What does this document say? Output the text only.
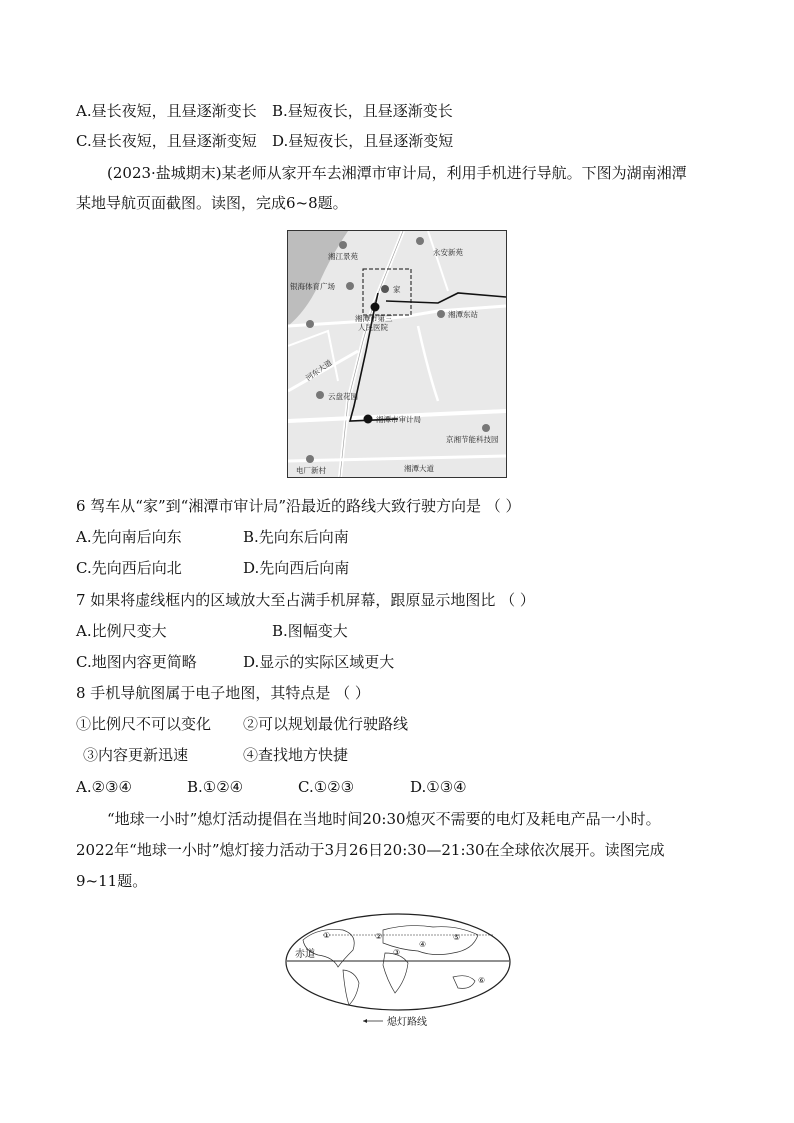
A.昼长夜短，且昼逐渐变长 B.昼短夜长，且昼逐渐变长
C.昼长夜短，且昼逐渐变短 D.昼短夜长，且昼逐渐变短
(2023·盐城期末)某老师从家开车去湘潭市审计局，利用手机进行导航。下图为湖南湘潭
某地导航页面截图。读图，完成6~8题。
湘江景苑	永安新苑
银海体育广场	家
湘潭市第三
人民医院
湘潭东站
河东大道
云盘花园
湘潭市审计局
京湘节能科技园
电厂新村	湘潭大道
6 驾车从“家”到“湘潭市审计局”沿最近的路线大致行驶方向是 （ ）
A.先向南后向东	B.先向东后向南
C.先向西后向北	D.先向西后向南
7 如果将虚线框内的区域放大至占满手机屏幕，跟原显示地图比 （ ）
A.比例尺变大	B.图幅变大
C.地图内容更简略	D.显示的实际区域更大
8 手机导航图属于电子地图，其特点是 （ ）
①比例尺不可以变化 ②可以规划最优行驶路线
③内容更新迅速	④查找地方快捷
A.②③④	B.①②④	C.①②③	D.①③④
“地球一小时”熄灯活动提倡在当地时间20:30熄灭不需要的电灯及耗电产品一小时。
2022年“地球一小时”熄灯接力活动于3月26日20:30—21:30在全球依次展开。读图完成
9~11题。
赤道
①	②
③
④
⑤
⑥
熄灯路线
